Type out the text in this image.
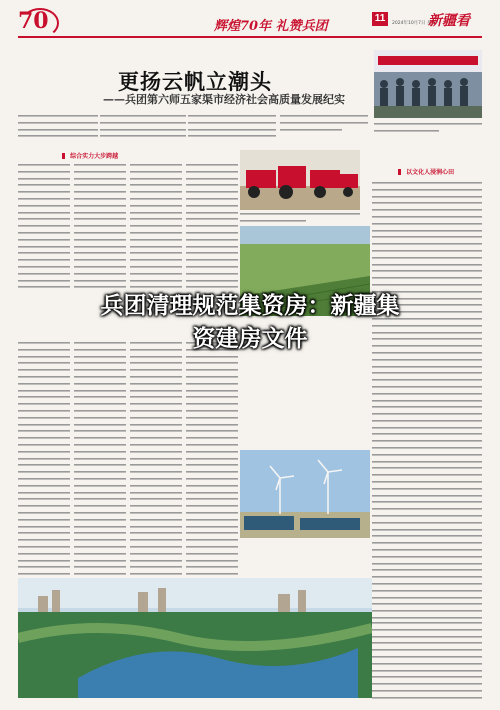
70	辉煌70年 礼赞兵团
11	2024年10月7日 星期一
新疆看
更扬云帆立潮头
——兵团第六师五家渠市经济社会高质量发展纪实
综合实力大步跨越
以文化人浸润心田
兵团清理规范集资房：新疆集
资建房文件
